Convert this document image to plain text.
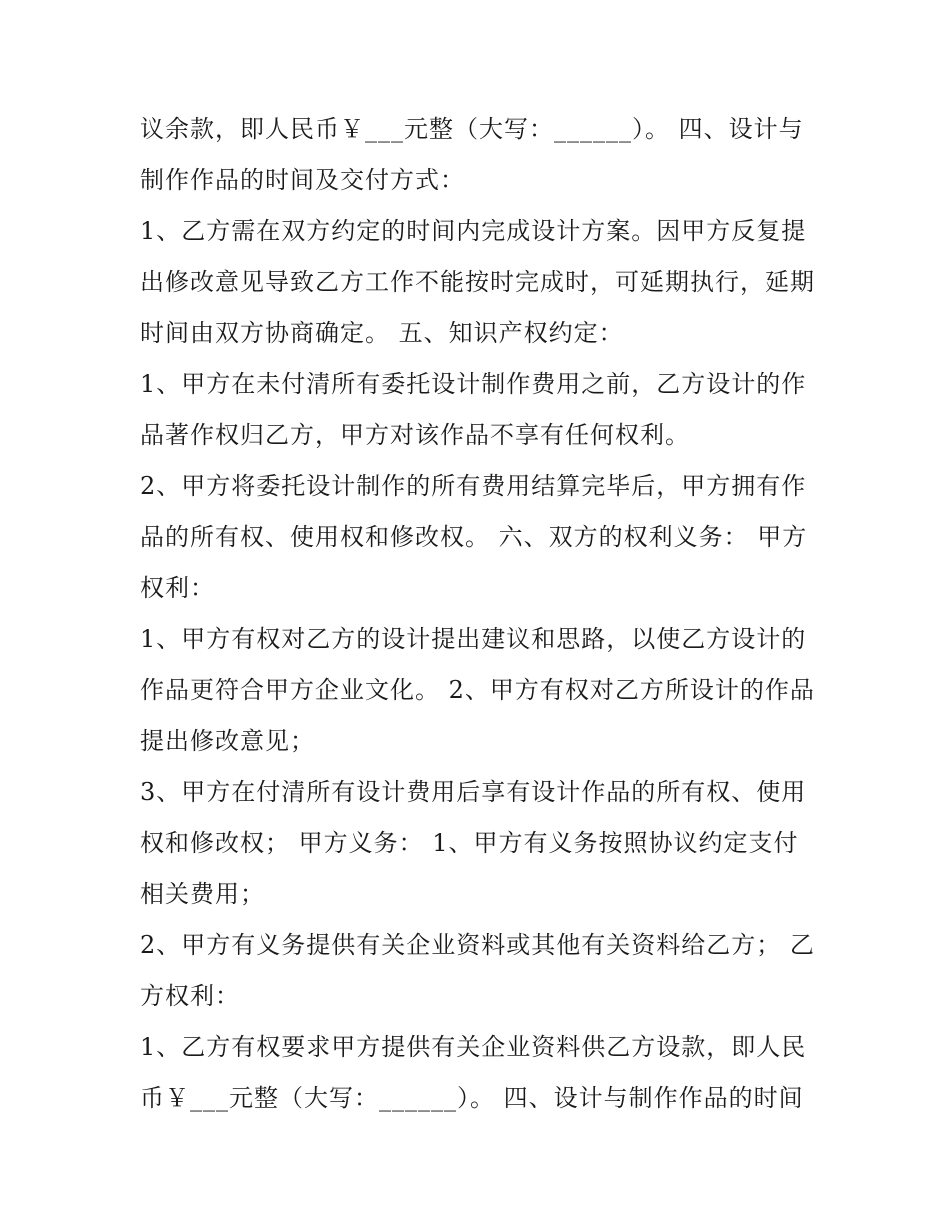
议余款，即人民币￥___元整（大写：______）。 四、设计与制作作品的时间及交付方式：

1、乙方需在双方约定的时间内完成设计方案。因甲方反复提出修改意见导致乙方工作不能按时完成时，可延期执行，延期时间由双方协商确定。 五、知识产权约定：

1、甲方在未付清所有委托设计制作费用之前，乙方设计的作品著作权归乙方，甲方对该作品不享有任何权利。

2、甲方将委托设计制作的所有费用结算完毕后，甲方拥有作品的所有权、使用权和修改权。 六、双方的权利义务： 甲方权利：

1、甲方有权对乙方的设计提出建议和思路，以使乙方设计的作品更符合甲方企业文化。 2、甲方有权对乙方所设计的作品提出修改意见；

3、甲方在付清所有设计费用后享有设计作品的所有权、使用权和修改权； 甲方义务： 1、甲方有义务按照协议约定支付相关费用；

2、甲方有义务提供有关企业资料或其他有关资料给乙方； 乙方权利：

1、乙方有权要求甲方提供有关企业资料供乙方设款，即人民币￥___元整（大写：______）。 四、设计与制作作品的时间
